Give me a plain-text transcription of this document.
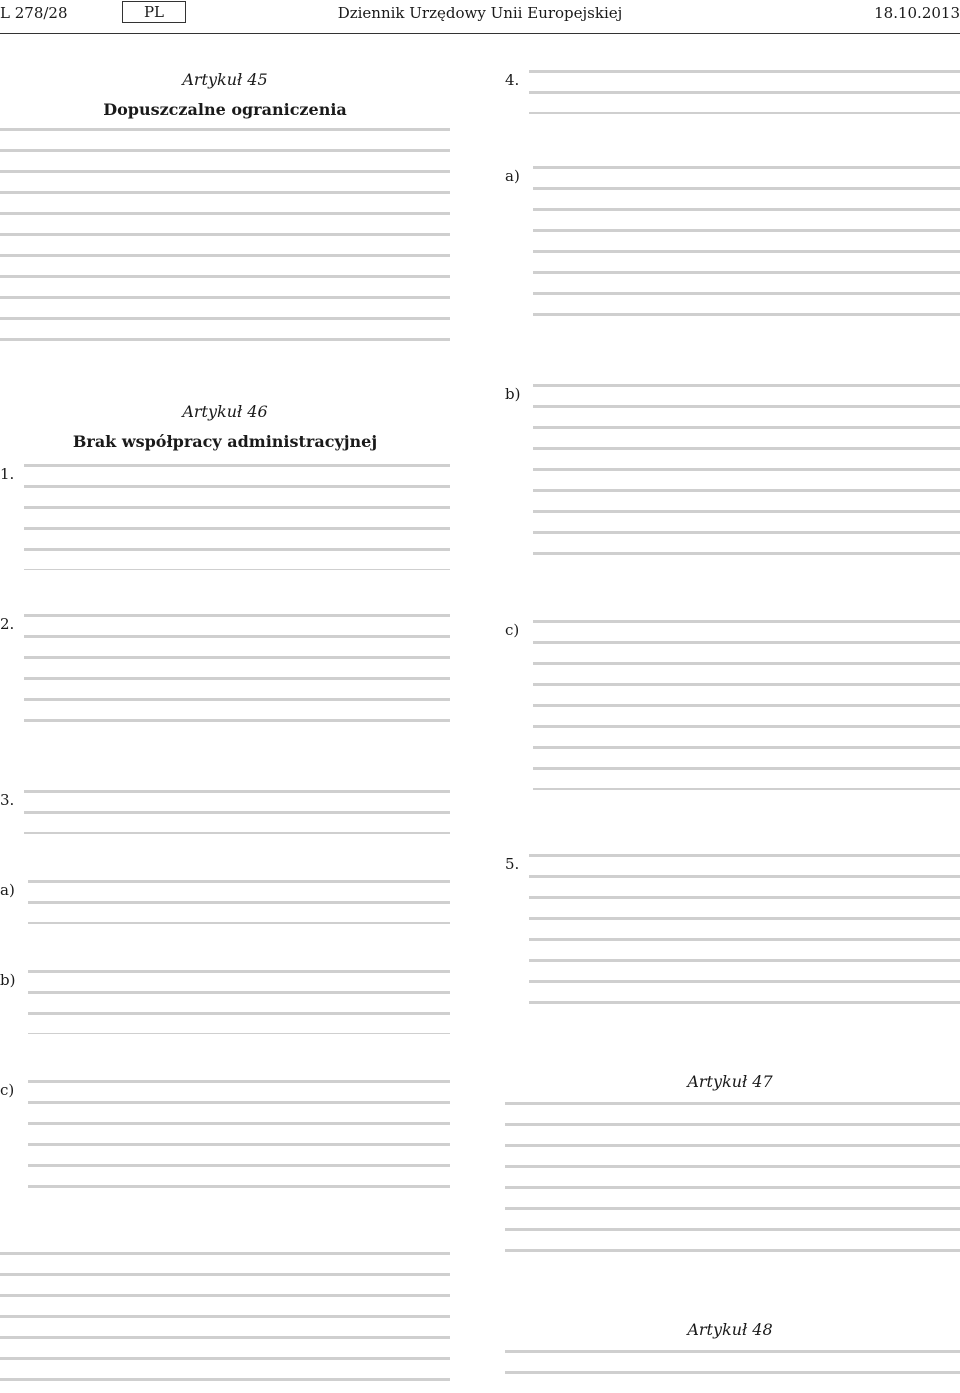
L 278/28	PL	Dziennik Urzędowy Unii Europejskiej	18.10.2013
Artykuł 45
Dopuszczalne ograniczenia
Artykuł 46
Brak współpracy administracyjnej
1.
2.
3.
a)
b)
c)
4.
a)
b)
c)
5.
Artykuł 47
Artykuł 48
